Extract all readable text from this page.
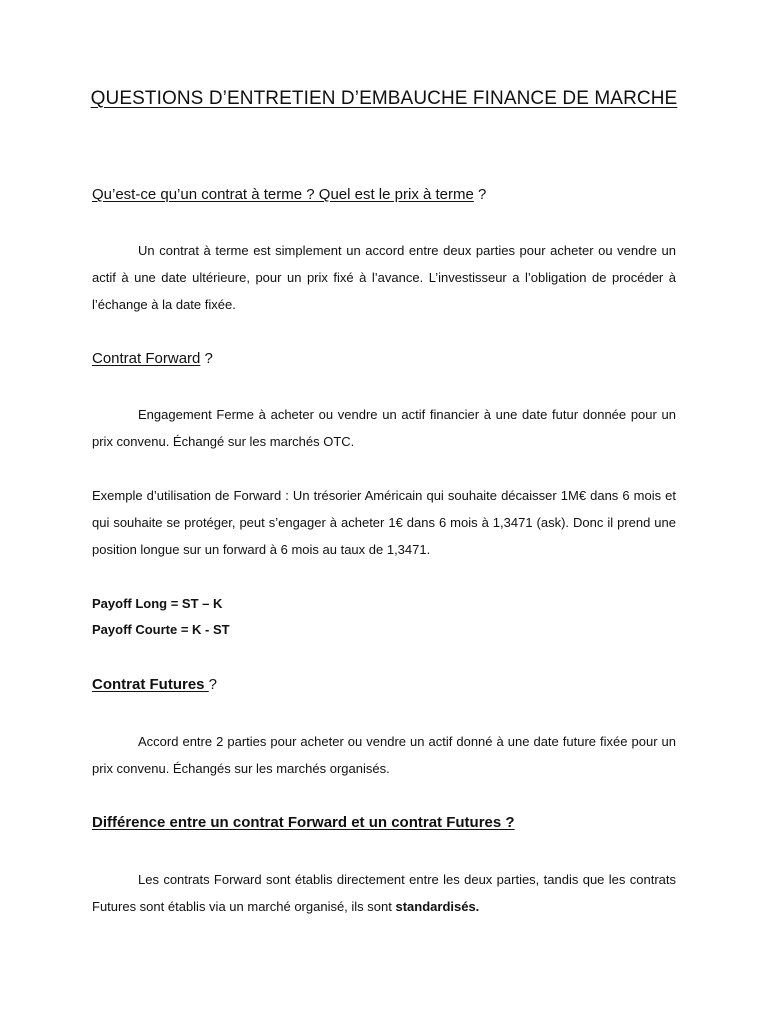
QUESTIONS D’ENTRETIEN D’EMBAUCHE FINANCE DE MARCHE
Qu’est-ce qu’un contrat à terme ? Quel est le prix à terme ?
Un contrat à terme est simplement un accord entre deux parties pour acheter ou vendre un actif à une date ultérieure, pour un prix fixé à l’avance. L’investisseur a l’obligation de procéder à l’échange à la date fixée.
Contrat Forward ?
Engagement Ferme à acheter ou vendre un actif financier à une date futur donnée pour un prix convenu. Échangé sur les marchés OTC.
Exemple d’utilisation de Forward : Un trésorier Américain qui souhaite décaisser 1M€ dans 6 mois et qui souhaite se protéger, peut s’engager à acheter 1€ dans 6 mois à 1,3471 (ask). Donc il prend une position longue sur un forward à 6 mois au taux de 1,3471.
Payoff Long = ST – K
Payoff Courte = K - ST
Contrat Futures ?
Accord entre 2 parties pour acheter ou vendre un actif donné à une date future fixée pour un prix convenu. Échangés sur les marchés organisés.
Différence entre un contrat Forward et un contrat Futures ?
Les contrats Forward sont établis directement entre les deux parties, tandis que les contrats Futures sont établis via un marché organisé, ils sont standardisés.
